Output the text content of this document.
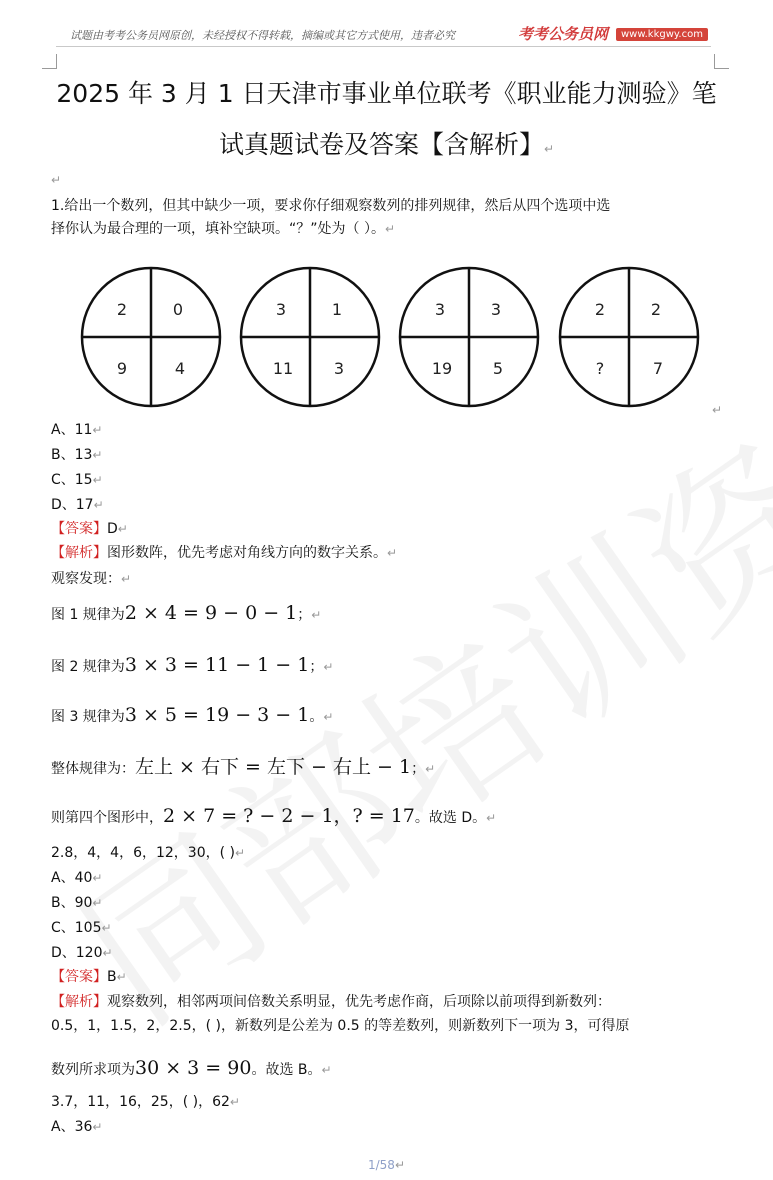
试题由考考公务员网原创，未经授权不得转载，摘编或其它方式使用，违者必究	考考公务员网	www.kkgwy.com
2025 年 3 月 1 日天津市事业单位联考《职业能力测验》笔
试真题试卷及答案【含解析】↵
↵
1.给出一个数列，但其中缺少一项，要求你仔细观察数列的排列规律，然后从四个选项中选
择你认为最合理的一项，填补空缺项。“？”处为（ ）。↵
2	0
9	4
3	1
11	3
3	3
19	5
2	2
?	7
↵
A、11↵
B、13↵
C、15↵
D、17↵
【答案】D↵
【解析】图形数阵，优先考虑对角线方向的数字关系。↵
观察发现：↵
图 1 规律为2 × 4 = 9 − 0 − 1；↵
图 2 规律为3 × 3 = 11 − 1 − 1；↵
图 3 规律为3 × 5 = 19 − 3 − 1。↵
整体规律为：左上 × 右下 = 左下 − 右上 − 1；↵
则第四个图形中，2 × 7 = ? − 2 − 1，? = 17。故选 D。↵
2.8，4，4，6，12，30，( )↵
A、40↵
B、90↵
C、105↵
D、120↵
【答案】B↵
【解析】观察数列，相邻两项间倍数关系明显，优先考虑作商，后项除以前项得到新数列：
0.5，1，1.5，2，2.5，( )，新数列是公差为 0.5 的等差数列，则新数列下一项为 3，可得原
数列所求项为30 × 3 = 90。故选 B。↵
3.7，11，16，25，( )，62↵
A、36↵
1/58↵
